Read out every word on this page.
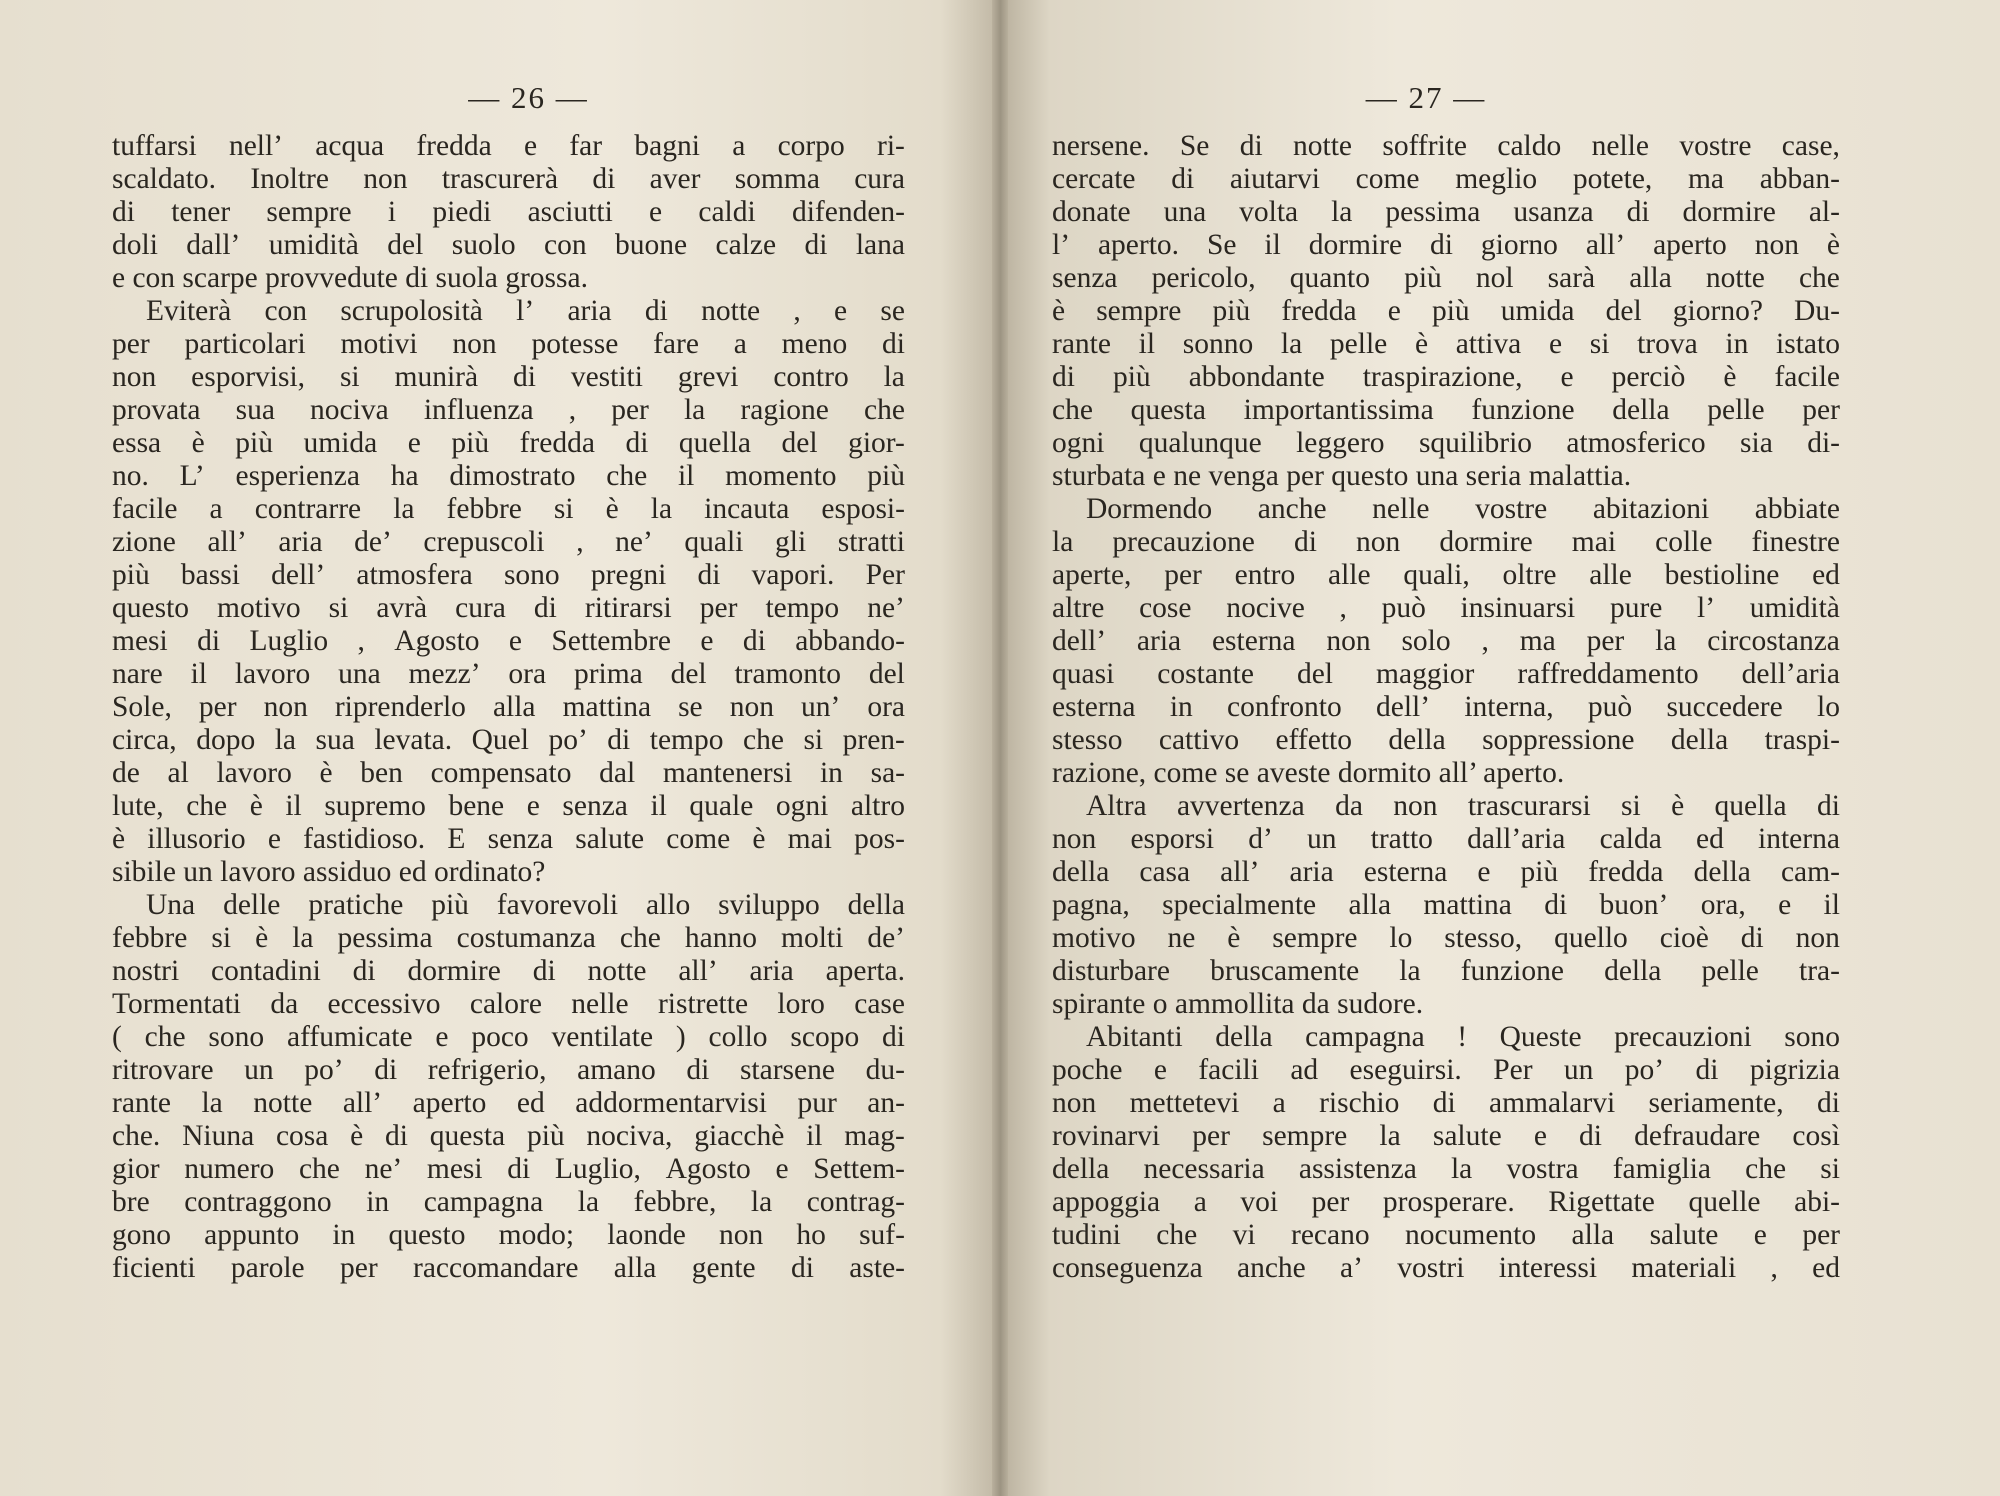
— 26 —
tuffarsi nell’ acqua fredda e far bagni a corpo ri-
scaldato. Inoltre non trascurerà di aver somma cura
di tener sempre i piedi asciutti e caldi difenden-
doli dall’ umidità del suolo con buone calze di lana
e con scarpe provvedute di suola grossa.
Eviterà con scrupolosità l’ aria di notte , e se
per particolari motivi non potesse fare a meno di
non esporvisi, si munirà di vestiti grevi contro la
provata sua nociva influenza , per la ragione che
essa è più umida e più fredda di quella del gior-
no. L’ esperienza ha dimostrato che il momento più
facile a contrarre la febbre si è la incauta esposi-
zione all’ aria de’ crepuscoli , ne’ quali gli stratti
più bassi dell’ atmosfera sono pregni di vapori. Per
questo motivo si avrà cura di ritirarsi per tempo ne’
mesi di Luglio , Agosto e Settembre e di abbando-
nare il lavoro una mezz’ ora prima del tramonto del
Sole, per non riprenderlo alla mattina se non un’ ora
circa, dopo la sua levata. Quel po’ di tempo che si pren-
de al lavoro è ben compensato dal mantenersi in sa-
lute, che è il supremo bene e senza il quale ogni altro
è illusorio e fastidioso. E senza salute come è mai pos-
sibile un lavoro assiduo ed ordinato?
Una delle pratiche più favorevoli allo sviluppo della
febbre si è la pessima costumanza che hanno molti de’
nostri contadini di dormire di notte all’ aria aperta.
Tormentati da eccessivo calore nelle ristrette loro case
( che sono affumicate e poco ventilate ) collo scopo di
ritrovare un po’ di refrigerio, amano di starsene du-
rante la notte all’ aperto ed addormentarvisi pur an-
che. Niuna cosa è di questa più nociva, giacchè il mag-
gior numero che ne’ mesi di Luglio, Agosto e Settem-
bre contraggono in campagna la febbre, la contrag-
gono appunto in questo modo; laonde non ho suf-
ficienti parole per raccomandare alla gente di aste-
— 27 —
nersene. Se di notte soffrite caldo nelle vostre case,
cercate di aiutarvi come meglio potete, ma abban-
donate una volta la pessima usanza di dormire al-
l’ aperto. Se il dormire di giorno all’ aperto non è
senza pericolo, quanto più nol sarà alla notte che
è sempre più fredda e più umida del giorno? Du-
rante il sonno la pelle è attiva e si trova in istato
di più abbondante traspirazione, e perciò è facile
che questa importantissima funzione della pelle per
ogni qualunque leggero squilibrio atmosferico sia di-
sturbata e ne venga per questo una seria malattia.
Dormendo anche nelle vostre abitazioni abbiate
la precauzione di non dormire mai colle finestre
aperte, per entro alle quali, oltre alle bestioline ed
altre cose nocive , può insinuarsi pure l’ umidità
dell’ aria esterna non solo , ma per la circostanza
quasi costante del maggior raffreddamento dell’aria
esterna in confronto dell’ interna, può succedere lo
stesso cattivo effetto della soppressione della traspi-
razione, come se aveste dormito all’ aperto.
Altra avvertenza da non trascurarsi si è quella di
non esporsi d’ un tratto dall’aria calda ed interna
della casa all’ aria esterna e più fredda della cam-
pagna, specialmente alla mattina di buon’ ora, e il
motivo ne è sempre lo stesso, quello cioè di non
disturbare bruscamente la funzione della pelle tra-
spirante o ammollita da sudore.
Abitanti della campagna ! Queste precauzioni sono
poche e facili ad eseguirsi. Per un po’ di pigrizia
non mettetevi a rischio di ammalarvi seriamente, di
rovinarvi per sempre la salute e di defraudare così
della necessaria assistenza la vostra famiglia che si
appoggia a voi per prosperare. Rigettate quelle abi-
tudini che vi recano nocumento alla salute e per
conseguenza anche a’ vostri interessi materiali , ed
